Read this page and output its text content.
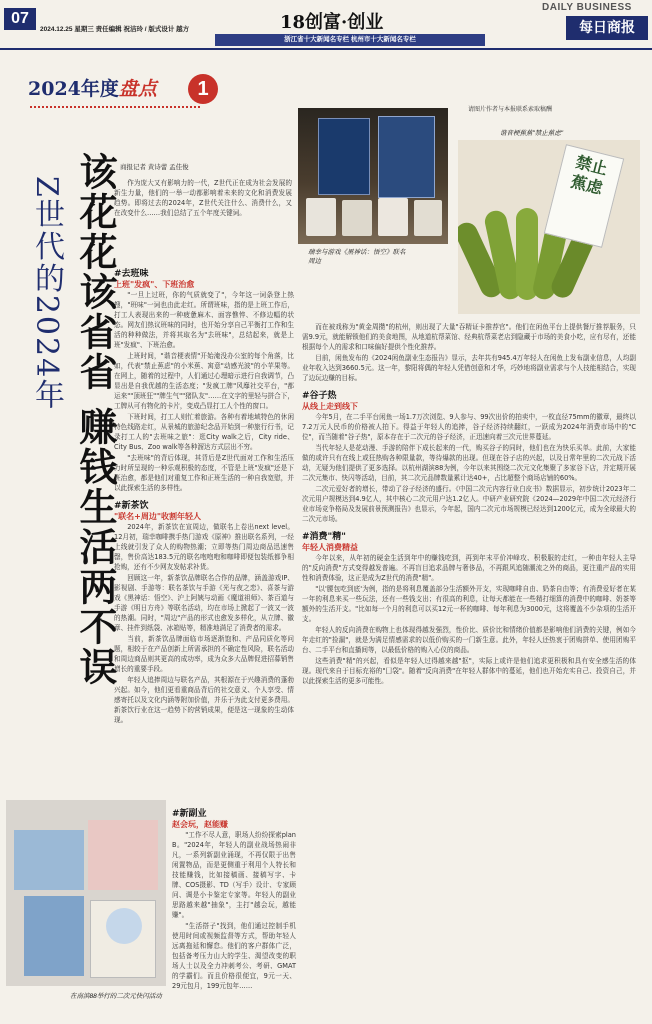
07
2024.12.25 星期三 责任编辑 祝洁玲 / 版式设计 越方	18创富·创业
浙江省十大新闻名专栏 杭州市十大新闻名专栏
DAILY BUSINESS
每日商报
2024年度盘点	1
请图片作者与本报联系索取稿酬
Z世代的2024年 该花花该省省 赚钱生活两不误 商报记者 黄诗蕾 孟佳俊

作为庞大又有影响力的一代，Z世代正在成为社会发展的新生力量，他们的一举一动都影响着未来的文化和消费发展趋势。即将过去的2024年，Z世代关注什么、消费什么，又在改变什么……我们总结了五个年度关键词。

瑞幸与游戏《黑神话：悟空》联名周边
禁止
蕉虑
谐音梗蕉蕉"禁止蕉虑"
#去班味
上班"发疯"、下班治愈

"一旦上过班，你的气质就变了"，今年这一词条登上热搜，"班味"一词也由此走红。所谓班味，指的是上班工作后，打工人表现出来的一种疲惫麻木、面容憔悴、不修边幅的状态。网友们热议班味的同时，也开始分享自己平衡打工作和生活的种种做法，并将其取名为"去班味"，总结起来，就是上班"发疯"、下班治愈。

上班时间，"谐音梗表情"开始淹没办公室的每个角落，比如，代表"禁止蕉虑"的小米蕉、寓意"动感光波"的小苹果等。在网上，随着的过程中，人们通过心理暗示进行自我调节，凸显出是自我优越的生活态度；"发疯工牌"风靡社交平台，"都运来""顶班狂""牌生气""猪队友"……在文字的里轻与拼合下，工牌从可有物化的卡片，变成凸显打工人个性的窗口。

下班时间，打工人则忙着旅游。各种有着地域特色的休闲特色线路走红，从景城的旅游纪念品开始到一种旅行行书，记录打工人的"去班味之旅"：逛City walk之后，City ride、City Bus、Zoo walk等各种溜达方式层出不穷。

"去班味"的背后体现，其背后是Z世代面对工作和生活压力时所呈现的一种乐观积极的态度，不管是上班"发疯"还是下班治愈，都是他们对重复工作和正班生活的一种自我宽慰，并以此探索生活的多样性。

#新茶饮
"联名+周边"收割年轻人

2024年，新茶饮在宣周边，做联名上卷出next level。12月初，瑞幸咖啡携手热门游戏《原神》推出联名系列，一经上线就引发了众人的购物热潮；立即等热门周边商品迅速售罄，售价高达183.5元的联名咆咆咆和咖啡即便包装纸都争相抢购，还有不少网友发帖求补货。

回顾这一年，新茶饮品牌联名合作的品牌，涵盖游戏IP、影视剧、手游等：联名茶饮与手游《光与夜之恋》、喜茶与游戏《黑神话：悟空》、沪上阿姨与动画《魔道祖师》、茶百道与手游《明日方舟》等联名活动，均在市场上掀起了一波又一波的热潮。同时，"周边"产品的形式也愈发多样化，从立牌、徽章、挂件到纸袋、冰箱贴等，精准地满足了消费者的需求。

当前，新茶饮品牌面临市场逐渐饱和、产品同质化等问题，相较于在产品创新上所需承担的不确定性风险，联名活动和周边商品则其更高的成功率，成为众多大品牌促进招募销售增长的重要手段。

年轻人追捧周边与联名产品，其根源在于兴趣消费的蓬勃兴起。如今，他们更看重商品背后的社交意义、个人享受、情感寄托以及文化内涵等附加价值，并乐于为此支付更多费用。新茶饮行业在这一趋势下的营销成果，便是这一现象的生动体现。

在南滨88举行的二次元快闪活动
#新副业
赵会玩，赵能赚

"工作不尽人意，职场人纷纷探索plan B。"2024年，年轻人的副业战场热闹非凡，一系列新副业涌现，不再仅限于出售闲置物品，而是更侧重于利用个人特长和技能赚钱，比如接稿画、接稿写字、卡牌、COS摄影、TD（写手）设计、专家顾问、调是小卡鉴定专家等。年轻人的副业思路越来越"抽象"，主打"越会玩，越能赚"。

"生活搭子"找到，他们通过控制手机使用时间或视频监督等方式，帮助年轻人远离拖延和懈怠。他们的客户群体广泛，包括备考压力山大的学生、渴望改变的职场人士以及全力冲刺考公、考研、GMAT的学霸们。而且价格很便宜，9元一天、29元包月，199元包年……

而在被戏称为"黄金周攒"的杭州，则出现了大量"吞精证卡推荐官"。他们在闲鱼平台上提供餐厅推荐服务，只需9.9元，就能解锁他们的美食地图，从地道杭帮菜馆、经典杭帮菜老店到隐藏于市场的美食小吃，应有尽有，还能根据每个人的需求和口味偏好提供个性化推荐。

目前，闲鱼发布的《2024闲鱼副业生态报告》显示，去年共有945.4万年轻人在闲鱼上发布副业信息，人均副业年收入达到3660.5元。这一年，黎阳将偶的年轻人凭借创意和才华，巧妙地将副业需求与个人技能相结合，实现了边玩边赚的目标。

#谷子热
从线上走到线下

今年5月，在二手平台闲鱼一场1.7万次浏览、9人参与、99次出价的拍卖中，一枚直径75mm的徽章，最终以7.2万元人民币的价格被人拍下。得益于年轻人的追捧，谷子经济持续翻红，一跃成为2024年消费市场中的"C位"，而当随着"谷子热"，原本存在于二次元的谷子经济，正迅速向着三次元世界蔓延。

当代年轻人是花动漫、手游的陪伴下成长起来的一代，购买谷子的同时，他们也在为快乐买单。此前，大家能做的或许只有在线上或狂热购各种限量款，等待爆款的出现。但现在谷子店的兴起，以及日常年里的二次元战下活动，无疑为他们提供了更多选择。以杭州湖滨88为例，今年以来其围绕二次元文化集聚了多家谷下店，并定期开展二次元集市、快闪等活动，目前，其二次元品牌数量累计达40+，占比超整个商场店铺的60%。

二次元爱好者的增长，带动了谷子经济的盛行。《中国二次元内容行业白皮书》数据显示，初步统计2023年二次元用户规模达到4.9亿人，其中核心二次元用户达1.2亿人。中研产业研究院《2024—2029年中国二次元经济行业市场竞争格局及发展前景预测报告》也显示，今年起，国内二次元市场规模已经达到1200亿元，成为全球最大的二次元市场。

#消费"精"
年轻人消费精益

今年以来，从年初的硬金生活到年中的赚钱吃到，再到年末平价冲峰攻、积极服的走红，一种由年轻人主导的"反向消费"方式变得越发普遍。不再盲目追求品牌与奢侈品，不再跟风追随潮流之外的商品，更注重产品的实用性和消费体验，这正是成为Z世代的消费"精"。

"以'腰包吃到底'为例，指的是将利息覆盖部分生活额外开支，实现咖啡自由、奶茶自由等；有消费爱好者在某一年的利息来买一些玩法，还有一些钱支出；有很高的利息，让每天都能在一些精打细算的消费中的咖啡、奶茶等额外的生活开支。"比如每一个月的利息可以买12元一杯的咖啡、每年利息为3000元，这将覆盖不少杂项的生活开支。

年轻人的反向消费在购物上也体现得越发强烈，性价比、质价比和情绪价值都是影响他们消费的关键，例如今年走红的"捡漏"，就是为满足情感需求的以低价购买的一门新生意。此外，年轻人还热衷于团购拼单、使用团购平台、二手平台和直播间等，以最低价格的购入心仪的商品。

这些消费"精"的兴起，看似是年轻人过得越来越"抠"，实际上或许是他们追求更积极和具有安全感生活的体现。现代来自于目标充裕的"囗袋"。随着"反向消费"在年轻人群体中的蔓延，他们也开始充实自己、投资自己，并以此探索生活的更多可能性。
